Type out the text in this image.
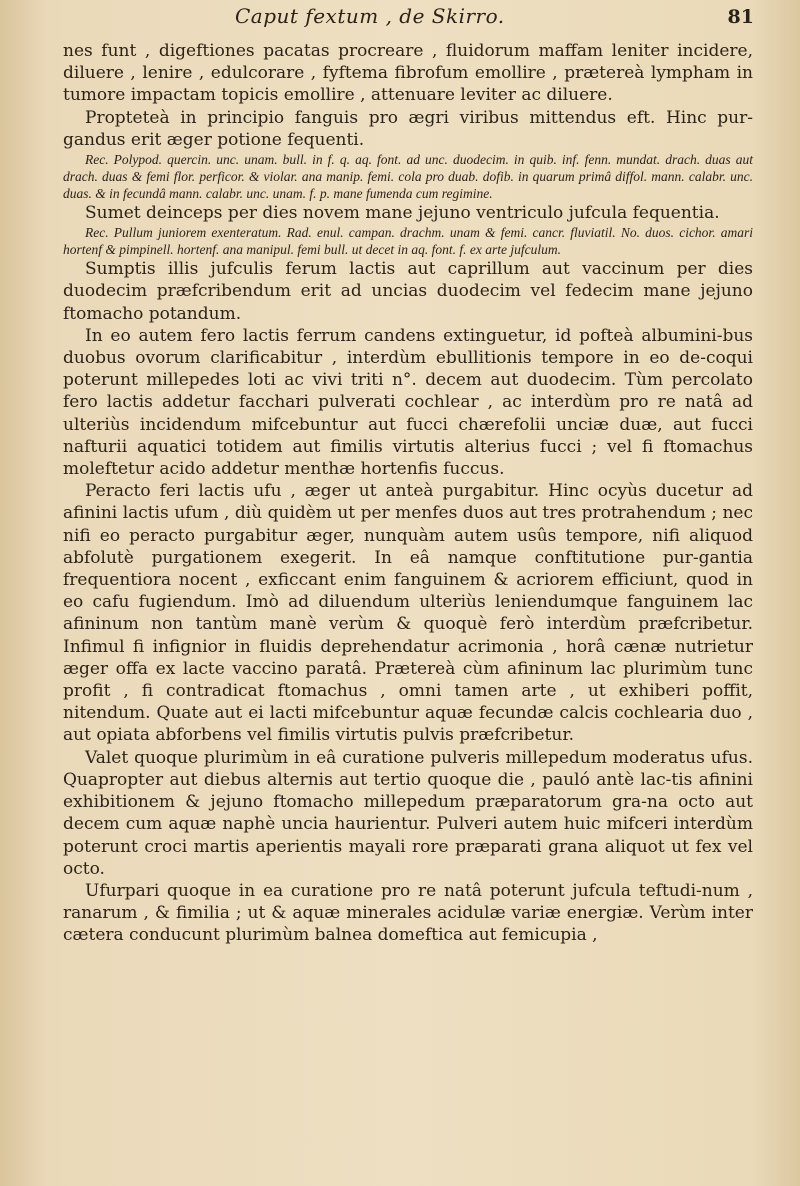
Caput fextum , de Skirro.	81

nes funt , digeftiones pacatas procreare , fluidorum maffam leniter incidere, diluere , lenire , edulcorare , fyftema fibrofum emollire , prætereà lympham in tumore impactam topicis emollire , attenuare leviter ac diluere.

Propteteà in principio fanguis pro ægri viribus mittendus eft. Hinc pur-gandus erit æger potione fequenti.

Rec. Polypod. quercin. unc. unam. bull. in f. q. aq. font. ad unc. duodecim. in quib. inf. fenn. mundat. drach. duas aut drach. duas & femi flor. perficor. & violar. ana manip. femi. cola pro duab. dofib. in quarum primâ diffol. mann. calabr. unc. duas. & in fecundâ mann. calabr. unc. unam. f. p. mane fumenda cum regimine.

Sumet deinceps per dies novem mane jejuno ventriculo jufcula fequentia.

Rec. Pullum juniorem exenteratum. Rad. enul. campan. drachm. unam & femi. cancr. fluviatil. No. duos. cichor. amari hortenf & pimpinell. hortenf. ana manipul. femi bull. ut decet in aq. font. f. ex arte jufculum.

Sumptis illis jufculis ferum lactis aut caprillum aut vaccinum per dies duodecim præfcribendum erit ad uncias duodecim vel fedecim mane jejuno ftomacho potandum.

In eo autem fero lactis ferrum candens extinguetur, id pofteà albumini-bus duobus ovorum clarificabitur , interdùm ebullitionis tempore in eo de-coqui poterunt millepedes loti ac vivi triti n°. decem aut duodecim. Tùm percolato fero lactis addetur facchari pulverati cochlear , ac interdùm pro re natâ ad ulteriùs incidendum mifcebuntur aut fucci chærefolii unciæ duæ, aut fucci nafturii aquatici totidem aut fimilis virtutis alterius fucci ; vel fi ftomachus moleftetur acido addetur menthæ hortenfis fuccus.

Peracto feri lactis ufu , æger ut anteà purgabitur. Hinc ocyùs ducetur ad afinini lactis ufum , diù quidèm ut per menfes duos aut tres protrahendum ; nec nifi eo peracto purgabitur æger, nunquàm autem usûs tempore, nifi aliquod abfolutè purgationem exegerit. In eâ namque conftitutione pur-gantia frequentiora nocent , exficcant enim fanguinem & acriorem efficiunt, quod in eo cafu fugiendum. Imò ad diluendum ulteriùs leniendumque fanguinem lac afininum non tantùm manè verùm & quoquè ferò interdùm præfcribetur. Infimul fi infignior in fluidis deprehendatur acrimonia , horâ cænæ nutrietur æger offa ex lacte vaccino paratâ. Prætereà cùm afininum lac plurimùm tunc profit , fi contradicat ftomachus , omni tamen arte , ut exhiberi poffit, nitendum. Quate aut ei lacti mifcebuntur aquæ fecundæ calcis cochlearia duo , aut opiata abforbens vel fimilis virtutis pulvis præfcribetur.

Valet quoque plurimùm in eâ curatione pulveris millepedum moderatus ufus. Quapropter aut diebus alternis aut tertio quoque die , pauló antè lac-tis afinini exhibitionem & jejuno ftomacho millepedum præparatorum gra-na octo aut decem cum aquæ naphè uncia haurientur. Pulveri autem huic mifceri interdùm poterunt croci martis aperientis mayali rore præparati grana aliquot ut fex vel octo.

Ufurpari quoque in ea curatione pro re natâ poterunt jufcula teftudi-num , ranarum , & fimilia ; ut & aquæ minerales acidulæ variæ energiæ. Verùm inter cætera conducunt plurimùm balnea domeftica aut femicupia ,
